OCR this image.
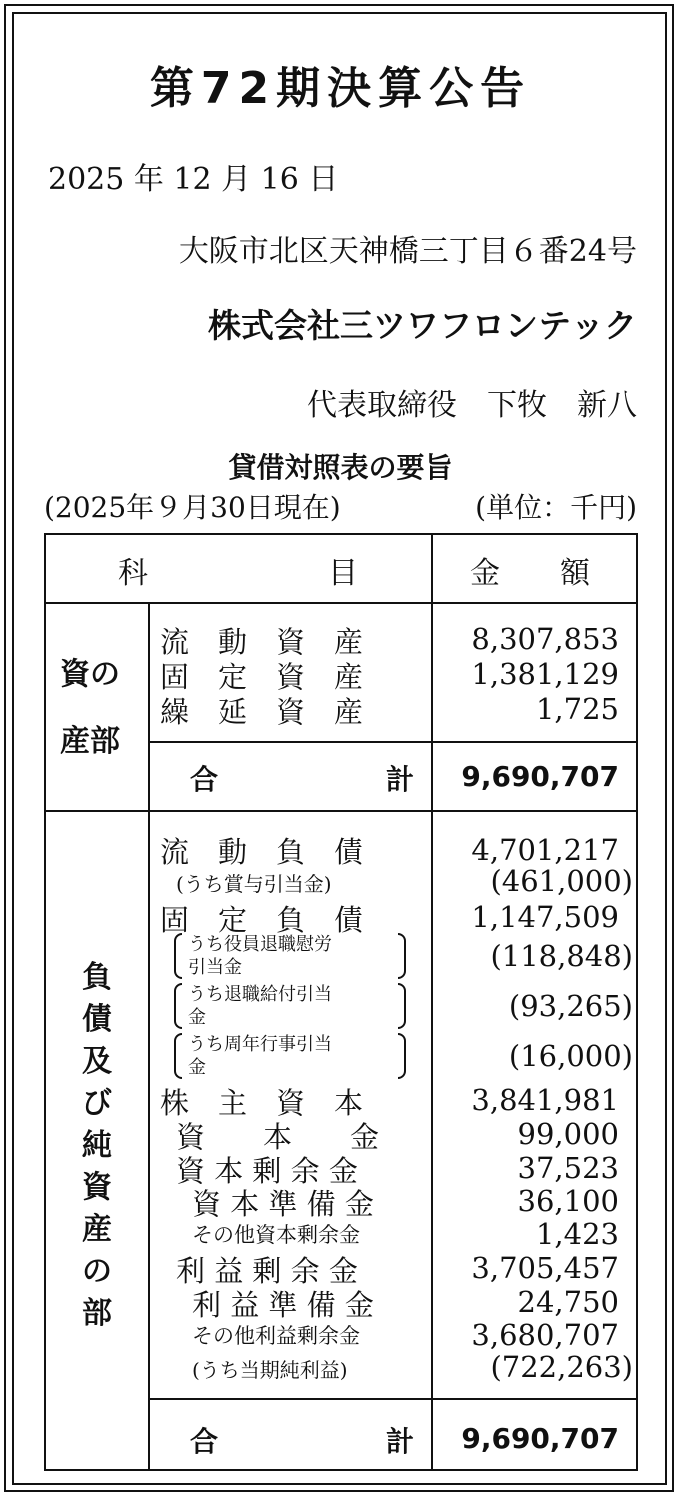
第72期決算公告
2025 年 12 月 16 日
大阪市北区天神橋三丁目６番24号
株式会社三ツワフロンテック
代表取締役　下牧　新八
貸借対照表の要旨
(2025年９月30日現在)	(単位：千円)
科　　　　　　目	金　　額
資の
産部
流　動　資　産	8,307,853
固　定　資　産	1,381,129
繰　延　資　産	1,725
合　　　　　　計 9,690,707
負
債
及
び
純
資
産
の
部
流　動　負　債	4,701,217
(うち賞与引当金)	(461,000)
固　定　負　債	1,147,509
うち役員退職慰労
引当金	(118,848)
うち退職給付引当
金	(93,265)
うち周年行事引当
金	(16,000)
株　主　資　本	3,841,981
資　　本　　金	99,000
資 本 剰 余 金	37,523
資 本 準 備 金	36,100
その他資本剰余金	1,423
利 益 剰 余 金	3,705,457
利 益 準 備 金	24,750
その他利益剰余金	3,680,707
(うち当期純利益)	(722,263)
合　　　　　　計 9,690,707
